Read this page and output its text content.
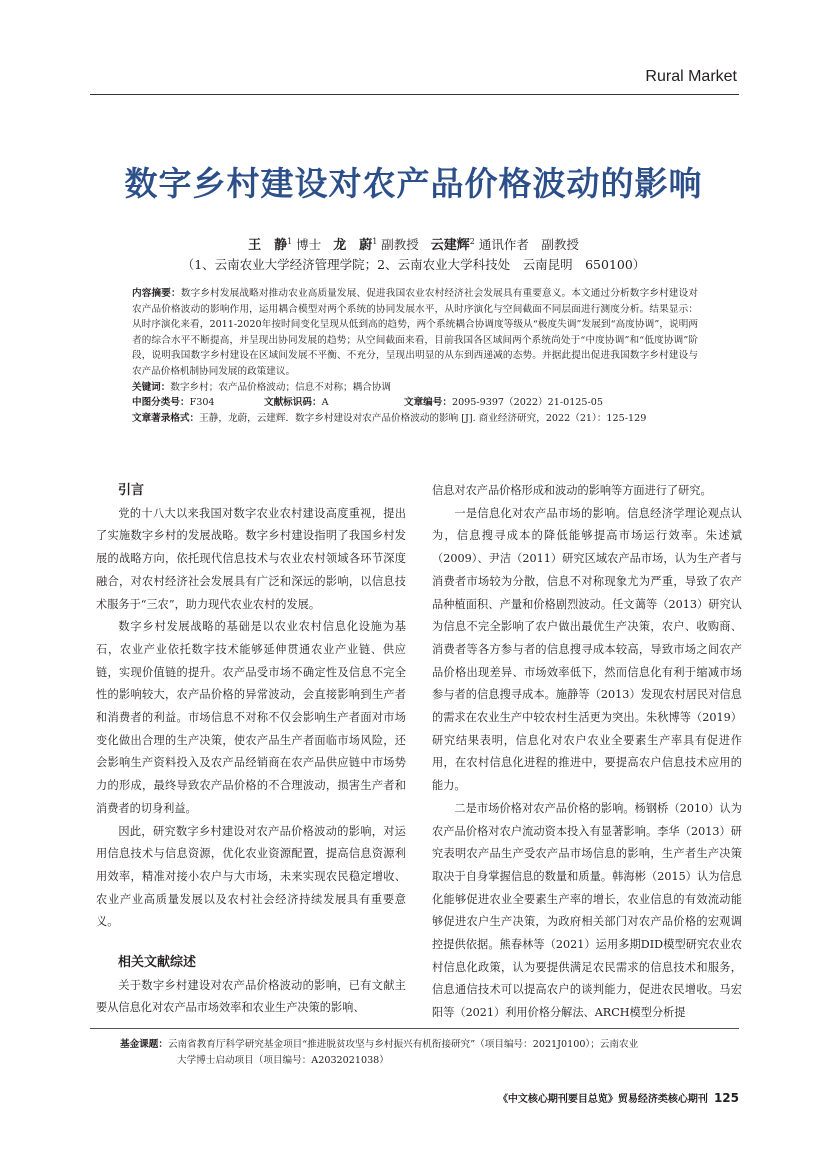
Rural Market
数字乡村建设对农产品价格波动的影响
王　静$^1$ 博士 龙　蔚$^1$ 副教授 云建辉$^2$ 通讯作者　副教授
（1、云南农业大学经济管理学院；2、云南农业大学科技处　云南昆明　650100）

内容摘要：数字乡村发展战略对推动农业高质量发展、促进我国农业农村经济社会发展具有重要意义。本文通过分析数字乡村建设对农产品价格波动的影响作用，运用耦合模型对两个系统的协同发展水平，从时序演化与空间截面不同层面进行测度分析。结果显示：从时序演化来看，2011-2020年按时间变化呈现从低到高的趋势，两个系统耦合协调度等级从“极度失调”发展到“高度协调”，说明两者的综合水平不断提高，并呈现出协同发展的趋势；从空间截面来看，目前我国各区域间两个系统尚处于“中度协调”和“低度协调”阶段，说明我国数字乡村建设在区域间发展不平衡、不充分，呈现出明显的从东到西递减的态势。并据此提出促进我国数字乡村建设与农产品价格机制协同发展的政策建议。

关键词：数字乡村；农产品价格波动；信息不对称；耦合协调

中图分类号：F304	文献标识码：A	文章编号：2095-9397（2022）21-0125-05

文章著录格式：王静，龙蔚，云建辉．数字乡村建设对农产品价格波动的影响 [J]. 商业经济研究，2022（21）：125-129

引言

党的十八大以来我国对数字农业农村建设高度重视，提出了实施数字乡村的发展战略。数字乡村建设指明了我国乡村发展的战略方向，依托现代信息技术与农业农村领域各环节深度融合，对农村经济社会发展具有广泛和深远的影响，以信息技术服务于“三农”，助力现代农业农村的发展。

数字乡村发展战略的基础是以农业农村信息化设施为基石，农业产业依托数字技术能够延伸贯通农业产业链、供应链，实现价值链的提升。农产品受市场不确定性及信息不完全性的影响较大，农产品价格的异常波动，会直接影响到生产者和消费者的利益。市场信息不对称不仅会影响生产者面对市场变化做出合理的生产决策，使农产品生产者面临市场风险，还会影响生产资料投入及农产品经销商在农产品供应链中市场势力的形成，最终导致农产品价格的不合理波动，损害生产者和消费者的切身利益。

因此，研究数字乡村建设对农产品价格波动的影响，对运用信息技术与信息资源，优化农业资源配置，提高信息资源利用效率，精准对接小农户与大市场，未来实现农民稳定增收、农业产业高质量发展以及农村社会经济持续发展具有重要意义。

相关文献综述

关于数字乡村建设对农产品价格波动的影响，已有文献主要从信息化对农产品市场效率和农业生产决策的影响、

信息对农产品价格形成和波动的影响等方面进行了研究。

一是信息化对农产品市场的影响。信息经济学理论观点认为，信息搜寻成本的降低能够提高市场运行效率。朱述斌（2009）、尹洁（2011）研究区域农产品市场，认为生产者与消费者市场较为分散，信息不对称现象尤为严重，导致了农产品种植面积、产量和价格剧烈波动。任文蔼等（2013）研究认为信息不完全影响了农户做出最优生产决策，农户、收购商、消费者等各方参与者的信息搜寻成本较高，导致市场之间农产品价格出现差异、市场效率低下，然而信息化有利于缩减市场参与者的信息搜寻成本。施静等（2013）发现农村居民对信息的需求在农业生产中较农村生活更为突出。朱秋博等（2019）研究结果表明，信息化对农户农业全要素生产率具有促进作用，在农村信息化进程的推进中，要提高农户信息技术应用的能力。

二是市场价格对农产品价格的影响。杨钢桥（2010）认为农产品价格对农户流动资本投入有显著影响。李华（2013）研究表明农产品生产受农产品市场信息的影响，生产者生产决策取决于自身掌握信息的数量和质量。韩海彬（2015）认为信息化能够促进农业全要素生产率的增长，农业信息的有效流动能够促进农户生产决策，为政府相关部门对农产品价格的宏观调控提供依据。熊春林等（2021）运用多期DID模型研究农业农村信息化政策，认为要提供满足农民需求的信息技术和服务，信息通信技术可以提高农户的谈判能力，促进农民增收。马宏阳等（2021）利用价格分解法、ARCH模型分析提

基金课题：云南省教育厅科学研究基金项目“推进脱贫攻坚与乡村振兴有机衔接研究”（项目编号：2021J0100）；云南农业
大学博士启动项目（项目编号：A2032021038）
《中文核心期刊要目总览》贸易经济类核心期刊 125
